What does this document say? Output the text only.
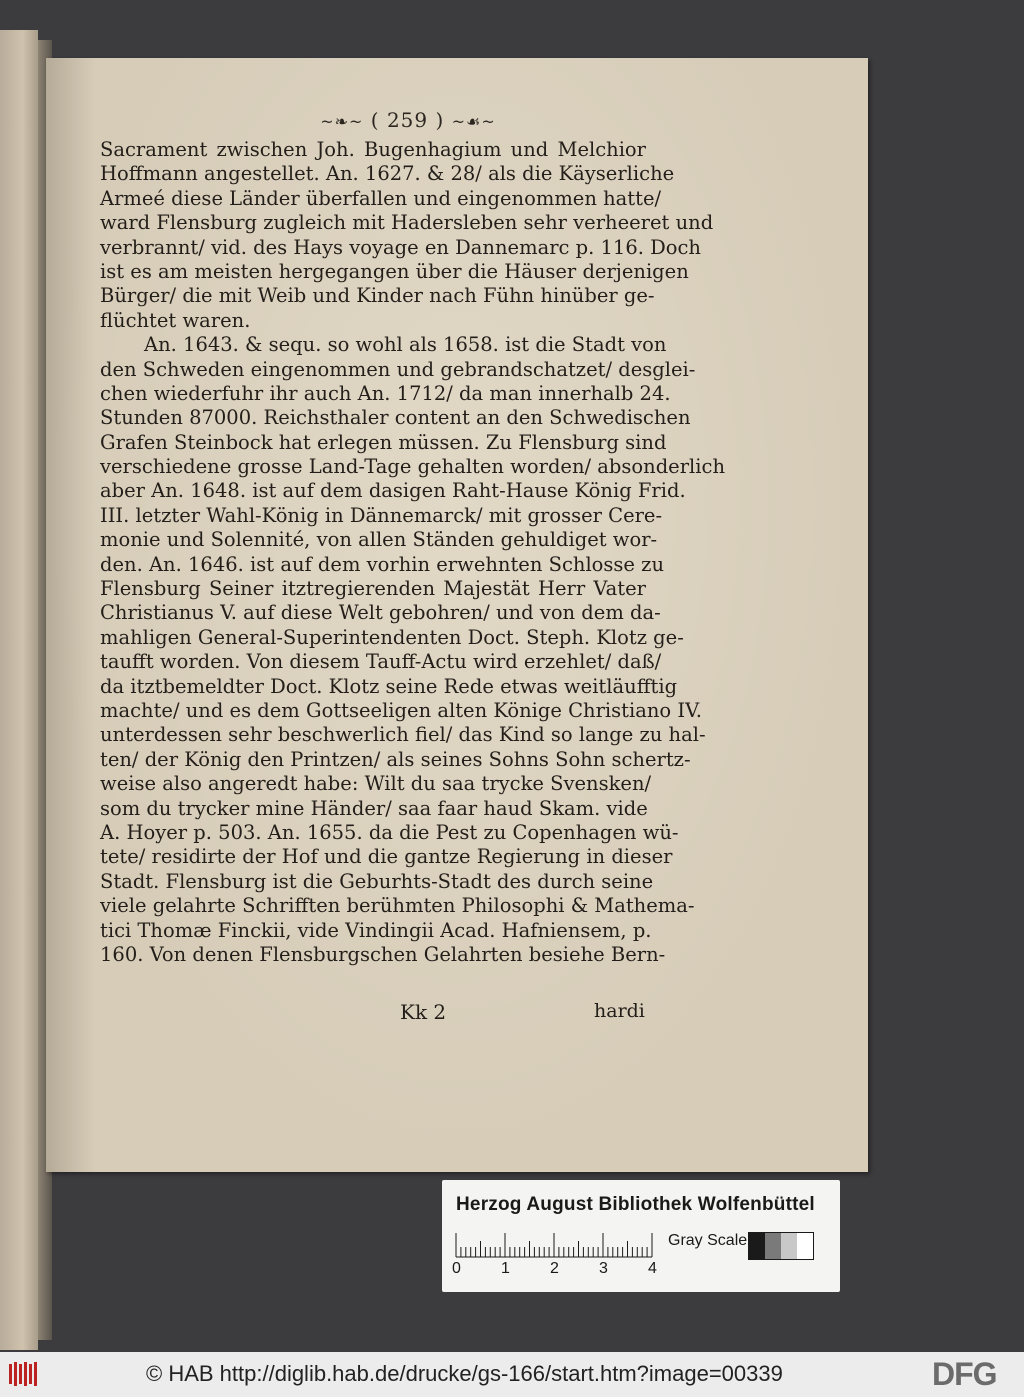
~❧~ ( 259 ) ~☙~
Sacrament zwischen Joh. Bugenhagium und Melchior
Hoffmann angestellet. An. 1627. & 28/ als die Käyserliche
Armeé diese Länder überfallen und eingenommen hatte/
ward Flensburg zugleich mit Hadersleben sehr verheeret und
verbrannt/ vid. des Hays voyage en Dannemarc p. 116. Doch
ist es am meisten hergegangen über die Häuser derjenigen
Bürger/ die mit Weib und Kinder nach Fühn hinüber ge-
flüchtet waren.
An. 1643. & sequ. so wohl als 1658. ist die Stadt von
den Schweden eingenommen und gebrandschatzet/ desglei-
chen wiederfuhr ihr auch An. 1712/ da man innerhalb 24.
Stunden 87000. Reichsthaler content an den Schwedischen
Grafen Steinbock hat erlegen müssen. Zu Flensburg sind
verschiedene grosse Land-Tage gehalten worden/ absonderlich
aber An. 1648. ist auf dem dasigen Raht-Hause König Frid.
III. letzter Wahl-König in Dännemarck/ mit grosser Cere-
monie und Solennité, von allen Ständen gehuldiget wor-
den. An. 1646. ist auf dem vorhin erwehnten Schlosse zu
Flensburg Seiner itztregierenden Majestät Herr Vater
Christianus V. auf diese Welt gebohren/ und von dem da-
mahligen General-Superintendenten Doct. Steph. Klotz ge-
taufft worden. Von diesem Tauff-Actu wird erzehlet/ daß/
da itztbemeldter Doct. Klotz seine Rede etwas weitläufftig
machte/ und es dem Gottseeligen alten Könige Christiano IV.
unterdessen sehr beschwerlich fiel/ das Kind so lange zu hal-
ten/ der König den Printzen/ als seines Sohns Sohn schertz-
weise also angeredt habe: Wilt du saa trycke Svensken/
som du trycker mine Händer/ saa faar haud Skam. vide
A. Hoyer p. 503. An. 1655. da die Pest zu Copenhagen wü-
tete/ residirte der Hof und die gantze Regierung in dieser
Stadt. Flensburg ist die Geburhts-Stadt des durch seine
viele gelahrte Schrifften berühmten Philosophi & Mathema-
tici Thomæ Finckii, vide Vindingii Acad. Hafniensem, p.
160. Von denen Flensburgschen Gelahrten besiehe Bern-
Kk 2	hardi
Herzog August Bibliothek Wolfenbüttel
0	1	2	3	4
Gray Scale
© HAB http://diglib.hab.de/drucke/gs-166/start.htm?image=00339	DFG
